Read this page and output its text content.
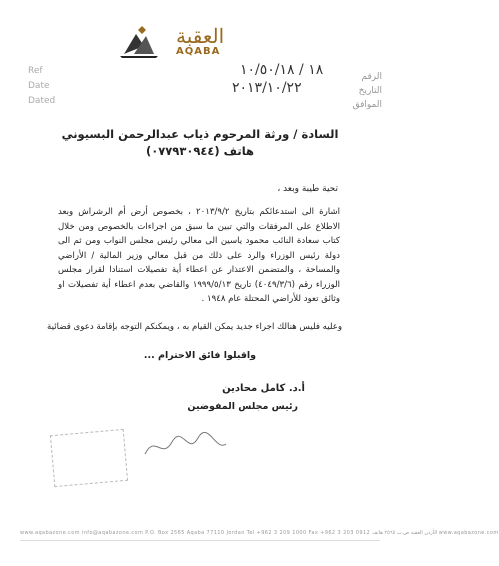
العقبة
AQABA
Ref
Date
Dated
١٨ / ١٠/٥٠/١٨
٢٠١٣/١٠/٢٢
الرقم
التاريخ
الموافق
السادة / ورثة المرحوم ذياب عبدالرحمن البسيوني
هاتف (٠٧٧٩٣٠٩٤٤)
تحية طيبة وبعد ،
اشارة الى استدعائكم بتاريخ ٢٠١٣/٩/٢ ، بخصوص أرض أم الرشراش وبعد الاطلاع على المرفقات والتي تبين ما سبق من اجراءات بالخصوص ومن خلال كتاب سعادة النائب محمود ياسين الى معالي رئيس مجلس النواب ومن ثم الى دولة رئيس الوزراء والرد على ذلك من قبل معالي وزير المالية / الأراضي والمساحة ، والمتضمن الاعتذار عن اعطاء أية تفصيلات استنادا لقرار مجلس الوزراء رقم (٤٠٤٩/٣/٦) تاريخ ١٩٩٩/٥/١٣ والقاضي بعدم اعطاء أية تفصيلات او وثائق تعود للأراضي المحتلة عام ١٩٤٨ .
وعليه فليس هنالك اجراء جديد يمكن القيام به ، ويمكنكم التوجه بإقامة دعوى قضائية
واقبلوا فائق الاحترام ...
أ.د. كامل محادين
رئيس مجلس المفوضين
www.aqabazone.com info@aqabazone.com P.O. Box 2565 Aqaba 77110 Jordan Tel +962 3 209 1000 Fax +962 3 203 0912 الأردن العقبة ص.ب ٢٥٦٥ هاتف www.aqabazone.com
